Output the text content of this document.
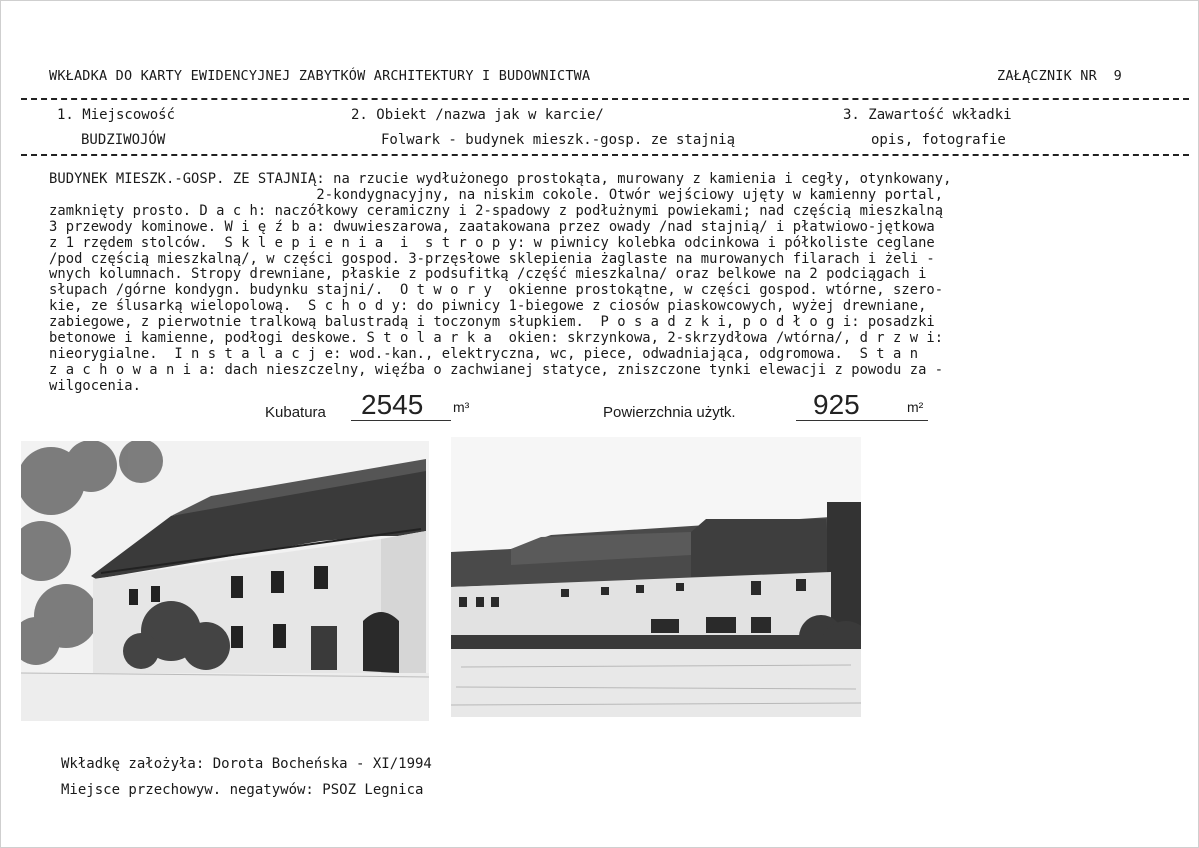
WKŁADKA DO KARTY EWIDENCYJNEJ ZABYTKÓW ARCHITEKTURY I BUDOWNICTWA	ZAŁĄCZNIK NR 9
1. Miejscowość
BUDZIWOJÓW
2. Obiekt /nazwa jak w karcie/
Folwark - budynek mieszk.-gosp. ze stajnią
3. Zawartość wkładki
opis, fotografie
BUDYNEK MIESZK.-GOSP. ZE STAJNIĄ: na rzucie wydłużonego prostokąta, murowany z kamienia i cegły, otynkowany,
2-kondygnacyjny, na niskim cokole. Otwór wejściowy ujęty w kamienny portal,
zamknięty prosto. D a c h: naczółkowy ceramiczny i 2-spadowy z podłużnymi powiekami; nad częścią mieszkalną
3 przewody kominowe. W i ę ź b a: dwuwieszarowa, zaatakowana przez owady /nad stajnią/ i płatwiowo-jętkowa
z 1 rzędem stolców.  S k l e p i e n i a  i  s t r o p y: w piwnicy kolebka odcinkowa i półkoliste ceglane
/pod częścią mieszkalną/, w części gospod. 3-przęsłowe sklepienia żaglaste na murowanych filarach i żeli -
wnych kolumnach. Stropy drewniane, płaskie z podsufitką /część mieszkalna/ oraz belkowe na 2 podciągach i
słupach /górne kondygn. budynku stajni/.  O t w o r y  okienne prostokątne, w części gospod. wtórne, szero-
kie, ze ślusarką wielopolową.  S c h o d y: do piwnicy 1-biegowe z ciosów piaskowcowych, wyżej drewniane,
zabiegowe, z pierwotnie tralkową balustradą i toczonym słupkiem.  P o s a d z k i, p o d ł o g i: posadzki
betonowe i kamienne, podłogi deskowe. S t o l a r k a  okien: skrzynkowa, 2-skrzydłowa /wtórna/, d r z w i:
nieorygialne.  I n s t a l a c j e: wod.-kan., elektryczna, wc, piece, odwadniająca, odgromowa.  S t a n
z a c h o w a n i a: dach nieszczelny, więźba o zachwianej statyce, zniszczone tynki elewacji z powodu za -
wilgocenia.
Kubatura 2545 m³	Powierzchnia użytk.	925	m²
Wkładkę założyła: Dorota Bocheńska - XI/1994
Miejsce przechowyw. negatywów: PSOZ Legnica
